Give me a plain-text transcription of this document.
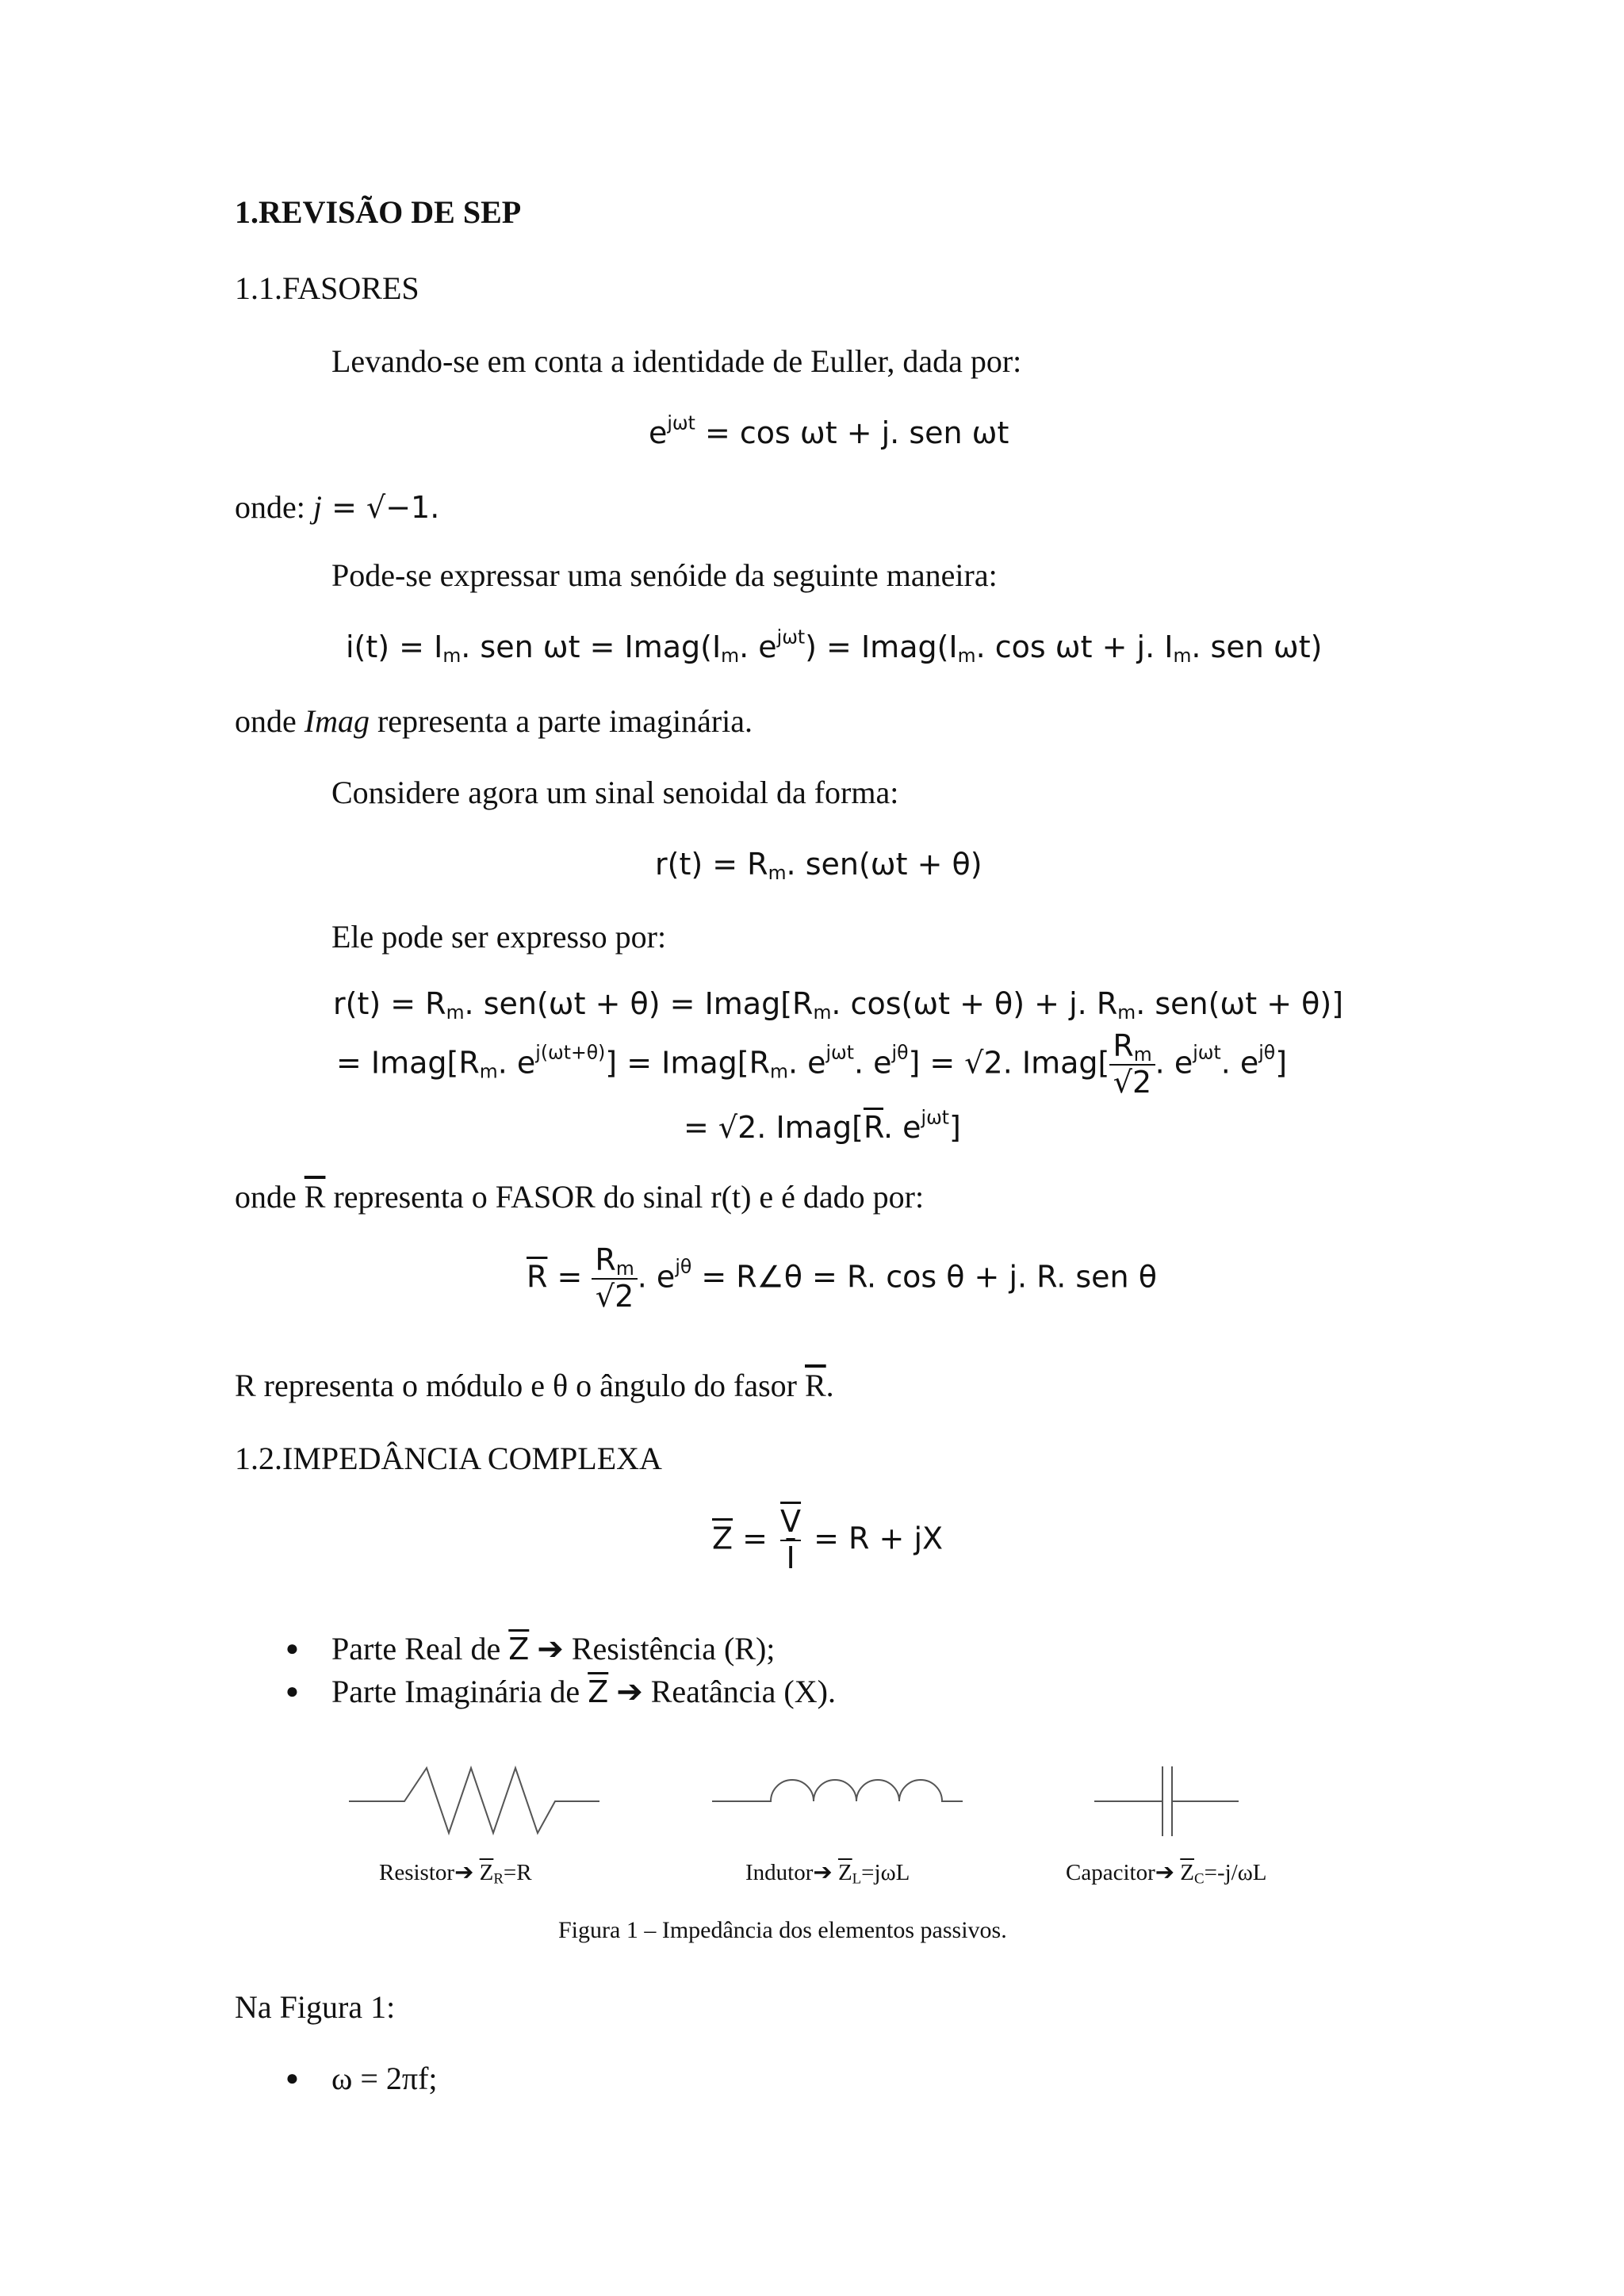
1.REVISÃO DE SEP
1.1.FASORES
Levando-se em conta a identidade de Euller, dada por:
$e^{j\omega t} = \cos \omega t + j$. sen ωt
onde: j = √−1.
Pode-se expressar uma senóide da seguinte maneira:
$i(t) = I_m$. sen $\omega t = Imag(I_m$. $e^{j\omega t}$) = $Imag(I_m$. cos ωt + j. $I_m$. sen ωt)
onde Imag representa a parte imaginária.
Considere agora um sinal senoidal da forma:
$r(t) = R_m$. sen(ωt + θ)
Ele pode ser expresso por:
$r(t) = R_m$. $sen(\omega t + \theta) = Imag[R_m$. cos(ωt + θ) + j. $R_m$. sen(ωt + θ)]
= $Imag[R_m$. $e^{j(\omega t+\theta)}$] = $Imag[R_m$. $e^{j\omega t}$. $e^{j\theta}] = √2$. Imag[ $\frac{R_m}{√2}$ . $e^{j\omega t}$. $e^{j\theta}$]
= √2. $Imag[\overline{R}$. $e^{j\omega t}$]
onde $\overline{R}$ representa o FASOR do sinal r(t) e é dado por:
$\overline{R} = \frac{R_m}{√2}$ . $e^{j\theta}$ = R∠θ = R. cos θ + j. R. sen θ
R representa o módulo e θ o ângulo do fasor $\overline{R}$.
1.2.IMPEDÂNCIA COMPLEXA
$\overline{Z} = \frac{\overline{V}}{I} = R$ + jX
● Parte Real de $\overline{Z}$ ➔ Resistência (R);
● Parte Imaginária de $\overline{Z}$ ➔ Reatância (X).
Resistor➔ $\overline{Z}_R=R$	Indutor➔ $\overline{Z}_L=j\omega L$	Capacitor➔ $\overline{Z}_C=-j/\omega L$
Figura 1 – Impedância dos elementos passivos.
Na Figura 1:
● ω = 2πf;
